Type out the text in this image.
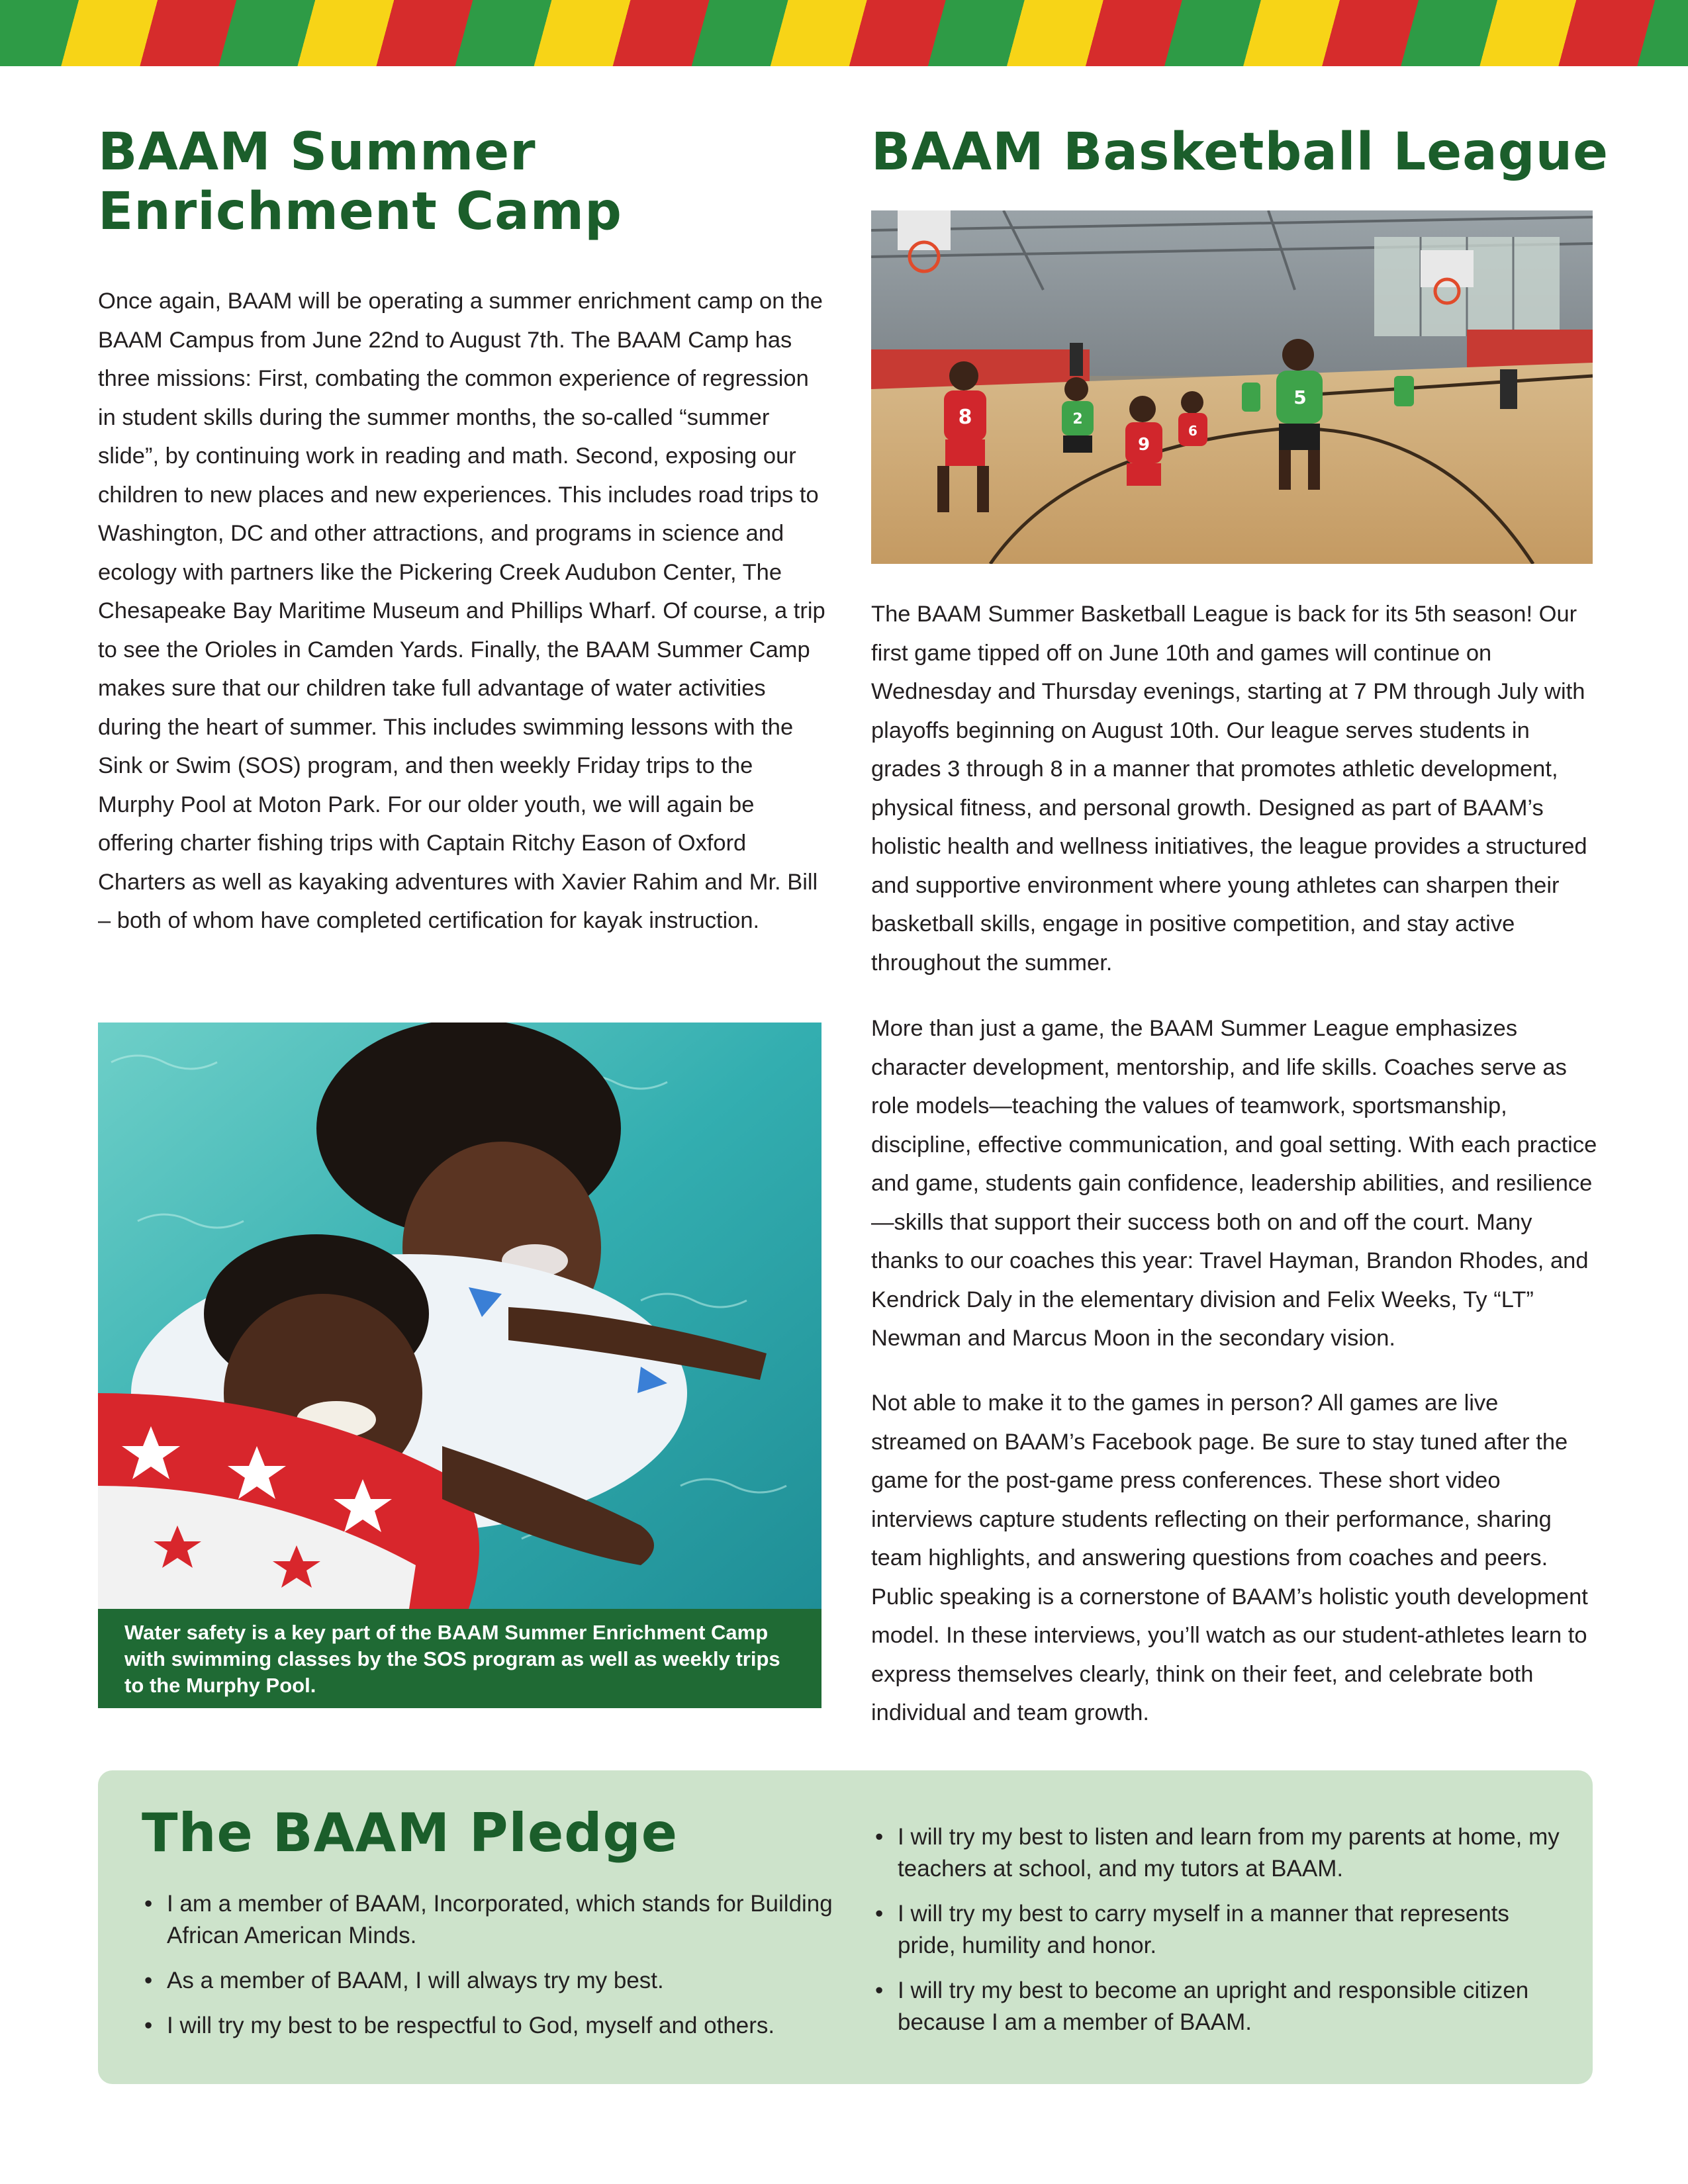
BAAM Summer Enrichment Camp

Once again, BAAM will be operating a summer enrichment camp on the BAAM Campus from June 22nd to August 7th. The BAAM Camp has three missions: First, combating the common experience of regression in student skills during the summer months, the so-called “summer slide”, by continuing work in reading and math. Second, exposing our children to new places and new experiences. This includes road trips to Washington, DC and other attractions, and programs in science and ecology with partners like the Pickering Creek Audubon Center, The Chesapeake Bay Maritime Museum and Phillips Wharf. Of course, a trip to see the Orioles in Camden Yards. Finally, the BAAM Summer Camp makes sure that our children take full advantage of water activities during the heart of summer. This includes swimming lessons with the Sink or Swim (SOS) program, and then weekly Friday trips to the Murphy Pool at Moton Park. For our older youth, we will again be offering charter fishing trips with Captain Ritchy Eason of Oxford Charters as well as kayaking adventures with Xavier Rahim and Mr. Bill – both of whom have completed certification for kayak instruction.

Water safety is a key part of the BAAM Summer Enrichment Camp with swimming classes by the SOS program as well as weekly trips to the Murphy Pool.

BAAM Basketball League
8	2
9
6
5

The BAAM Summer Basketball League is back for its 5th season! Our first game tipped off on June 10th and games will continue on Wednesday and Thursday evenings, starting at 7 PM through July with playoffs beginning on August 10th. Our league serves students in grades 3 through 8 in a manner that promotes athletic development, physical fitness, and personal growth. Designed as part of BAAM’s holistic health and wellness initiatives, the league provides a structured and supportive environment where young athletes can sharpen their basketball skills, engage in positive competition, and stay active throughout the summer.

More than just a game, the BAAM Summer League emphasizes character development, mentorship, and life skills. Coaches serve as role models—teaching the values of teamwork, sportsmanship, discipline, effective communication, and goal setting. With each practice and game, students gain confidence, leadership abilities, and resilience—skills that support their success both on and off the court. Many thanks to our coaches this year: Travel Hayman, Brandon Rhodes, and Kendrick Daly in the elementary division and Felix Weeks, Ty “LT” Newman and Marcus Moon in the secondary vision.

Not able to make it to the games in person? All games are live streamed on BAAM’s Facebook page. Be sure to stay tuned after the game for the post-game press conferences. These short video interviews capture students reflecting on their performance, sharing team highlights, and answering questions from coaches and peers. Public speaking is a cornerstone of BAAM’s holistic youth development model. In these interviews, you’ll watch as our student-athletes learn to express themselves clearly, think on their feet, and celebrate both individual and team growth.

The BAAM Pledge
• I am a member of BAAM, Incorporated, which stands for Building African American Minds.
• As a member of BAAM, I will always try my best.
• I will try my best to be respectful to God, myself and others.
• I will try my best to listen and learn from my parents at home, my teachers at school, and my tutors at BAAM.
• I will try my best to carry myself in a manner that represents pride, humility and honor.
• I will try my best to become an upright and responsible citizen because I am a member of BAAM.
